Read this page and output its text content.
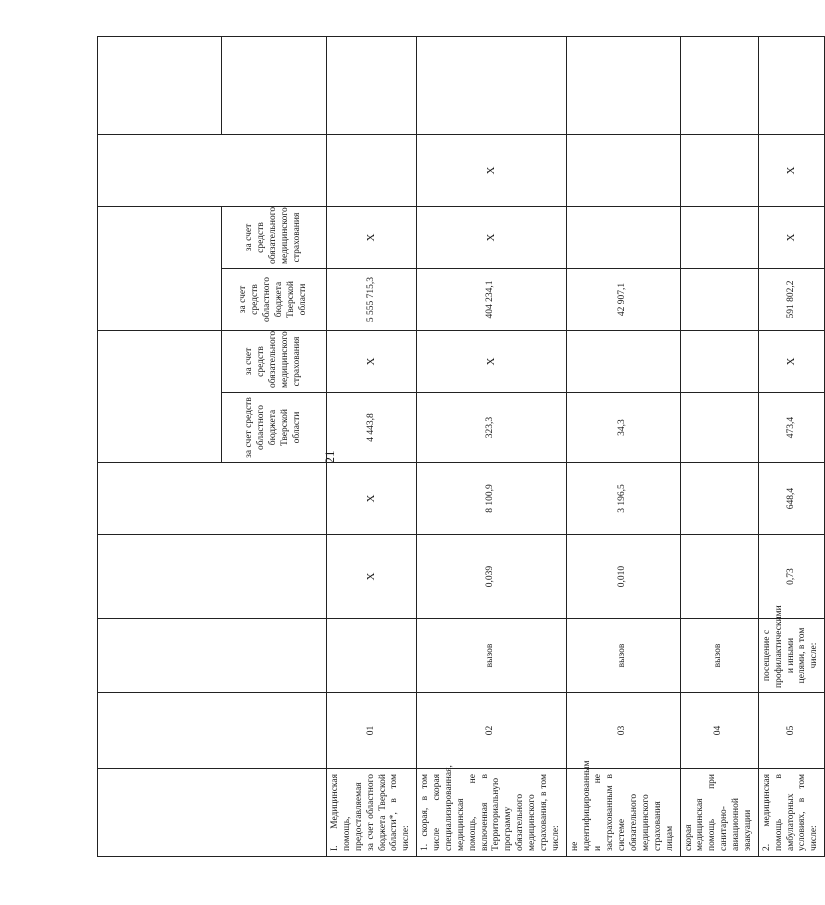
21

					за счет средств областного бюджета Тверской области	за счет средств обязательного медицинского страхования	за счет средств областного бюджета Тверской области	за счет средств обязательного медицинского страхования		
I. Медицинская помощь, предоставляемая за счет областного бюджета Тверской области*, в том числе:	01		X	X	4 443,8	X	5 555 715,3	X		
1. скорая, в том числе скорая специализированная, медицинская помощь, не включенная в Территориальную программу обязательного медицинского страхования, в том числе:	02	вызов	0,039	8 100,9	323,3	X	404 234,1	X	X	
не идентифицированным и не застрахованным в системе обязательного медицинского страхования лицам	03	вызов	0,010	3 196,5	34,3		42 907,1			
скорая медицинская помощь при санитарно-авиационной эвакуации	04	вызов								
2. медицинская помощь в амбулаторных условиях, в том числе:	05	посещение с профилактическими и иными целями, в том числе:	0,73	648,4	473,4	X	591 802,2	X	X	
